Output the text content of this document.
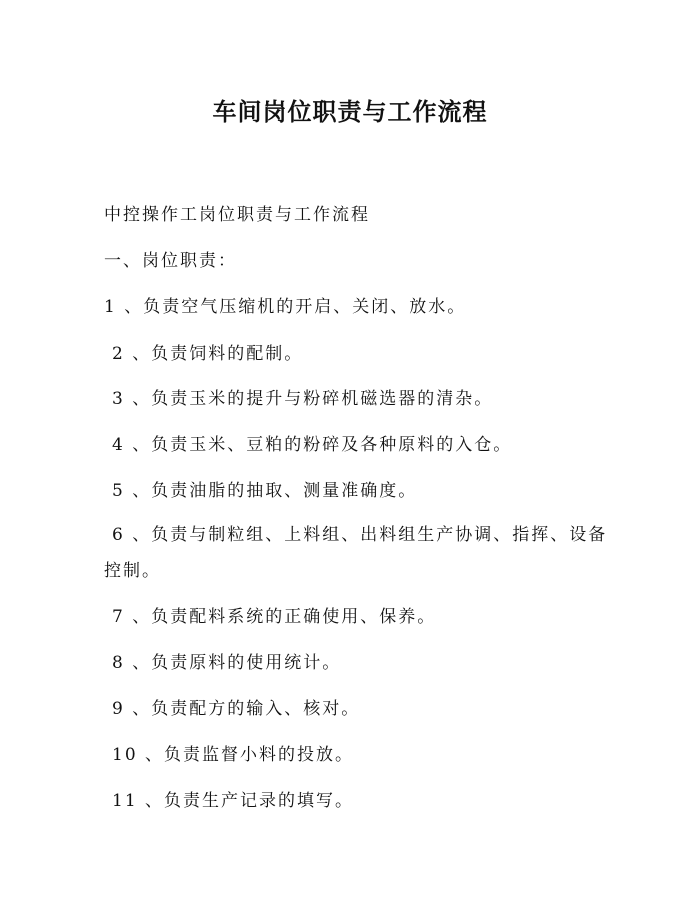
车间岗位职责与工作流程

中控操作工岗位职责与工作流程

一、岗位职责：

1 、负责空气压缩机的开启、关闭、放水。

2 、负责饲料的配制。

3 、负责玉米的提升与粉碎机磁选器的清杂。

4 、负责玉米、豆粕的粉碎及各种原料的入仓。

5 、负责油脂的抽取、测量准确度。

6 、负责与制粒组、上料组、出料组生产协调、指挥、设备

控制。

7 、负责配料系统的正确使用、保养。

8 、负责原料的使用统计。

9 、负责配方的输入、核对。

10 、负责监督小料的投放。

11 、负责生产记录的填写。
